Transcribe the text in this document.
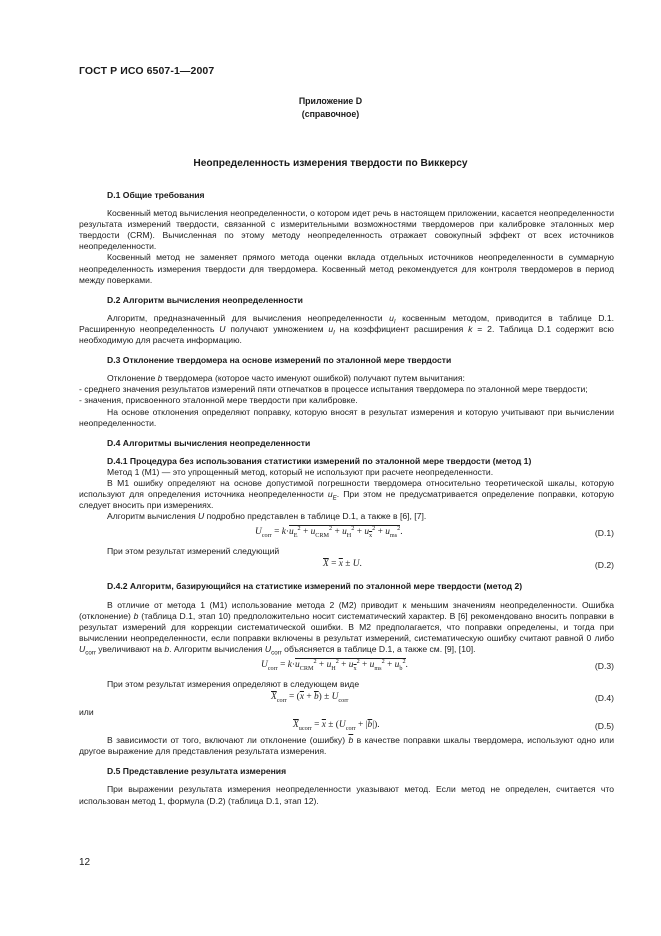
ГОСТ Р ИСО 6507-1—2007
Приложение D
(справочное)
Неопределенность измерения твердости по Виккерсу

D.1 Общие требования

Косвенный метод вычисления неопределенности, о котором идет речь в настоящем приложении, касается неопределенности результата измерений твердости, связанной с измерительными возможностями твердомеров при калибровке эталонных мер твердости (CRM). Вычисленная по этому методу неопределенность отражает совокупный эффект от всех источников неопределенности.

Косвенный метод не заменяет прямого метода оценки вклада отдельных источников неопределенности в суммарную неопределенность измерения твердости для твердомера. Косвенный метод рекомендуется для контроля твердомеров в период между поверками.

D.2 Алгоритм вычисления неопределенности

Алгоритм, предназначенный для вычисления неопределенности $u_I$ косвенным методом, приводится в таблице D.1. Расширенную неопределенность U получают умножением $u_I$ на коэффициент расширения k = 2. Таблица D.1 содержит всю необходимую для расчета информацию.

D.3 Отклонение твердомера на основе измерений по эталонной мере твердости

Отклонение b твердомера (которое часто именуют ошибкой) получают путем вычитания:

- среднего значения результатов измерений пяти отпечатков в процессе испытания твердомера по эталонной мере твердости;

- значения, присвоенного эталонной мере твердости при калибровке.

На основе отклонения определяют поправку, которую вносят в результат измерения и которую учитывают при вычислении неопределенности.

D.4 Алгоритмы вычисления неопределенности

D.4.1 Процедура без использования статистики измерений по эталонной мере твердости (метод 1)

Метод 1 (M1) — это упрощенный метод, который не используют при расчете неопределенности.

В M1 ошибку определяют на основе допустимой погрешности твердомера относительно теоретической шкалы, которую используют для определения источника неопределенности $u_E$. При этом не предусматривается определение поправки, которую следует вносить при измерениях.

Алгоритм вычисления U подробно представлен в таблице D.1, а также в [6], [7].

$U_{corr} = k\cdot u_E^2 + u_{CRM}^2 + u_H^2 + u_{\overline{x}}^2 + u_{ms}^2$.	(D.1)

При этом результат измерений следующий

$\overline{X} = \overline{x} \pm U$.	(D.2)

D.4.2 Алгоритм, базирующийся на статистике измерений по эталонной мере твердости (метод 2)

В отличие от метода 1 (M1) использование метода 2 (M2) приводит к меньшим значениям неопределенности. Ошибка (отклонение) b (таблица D.1, этап 10) предположительно носит систематический характер. В [6] рекомендовано вносить поправки в результат измерений для коррекции систематической ошибки. В M2 предполагается, что поправки определены, и тогда при вычислении неопределенности, если поправки включены в результат измерений, систематическую ошибку считают равной 0 либо $U_{corr}$ увеличивают на b. Алгоритм вычисления $U_{corr}$ объясняется в таблице D.1, а также см. [9], [10].

$U_{corr} = k\cdot u_{CRM}^2 + u_H^2 + u_{\overline{x}}^2 + u_{ms}^2 + u_b^2$.	(D.3)

При этом результат измерения определяют в следующем виде

$\overline{X}_{corr} = (\overline{x} + \overline{b}) \pm U_{corr}$	(D.4)

или

$\overline{X}_{ucorr} = \overline{x} \pm (U_{corr} + |\overline{b}|)$.	(D.5)

В зависимости от того, включают ли отклонение (ошибку) $\overline{b}$ в качестве поправки шкалы твердомера, используют одно или другое выражение для представления результата измерения.

D.5 Представление результата измерения

При выражении результата измерения неопределенности указывают метод. Если метод не определен, считается что использован метод 1, формула (D.2) (таблица D.1, этап 12).

12
